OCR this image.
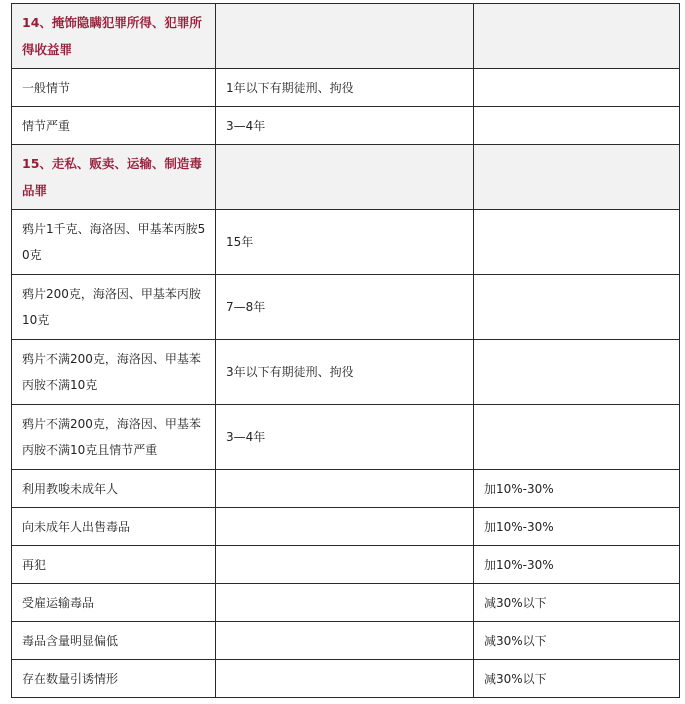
14、掩饰隐瞒犯罪所得、犯罪所得收益罪		
一般情节	1年以下有期徒刑、拘役	
情节严重	3—4年	
15、走私、贩卖、运输、制造毒品罪		
鸦片1千克、海洛因、甲基苯丙胺50克	15年	
鸦片200克，海洛因、甲基苯丙胺10克	7—8年	
鸦片不满200克，海洛因、甲基苯丙胺不满10克	3年以下有期徒刑、拘役	
鸦片不满200克，海洛因、甲基苯丙胺不满10克且情节严重	3—4年	
利用教唆未成年人		加10%-30%
向未成年人出售毒品		加10%-30%
再犯		加10%-30%
受雇运输毒品		减30%以下
毒品含量明显偏低		减30%以下
存在数量引诱情形		减30%以下
